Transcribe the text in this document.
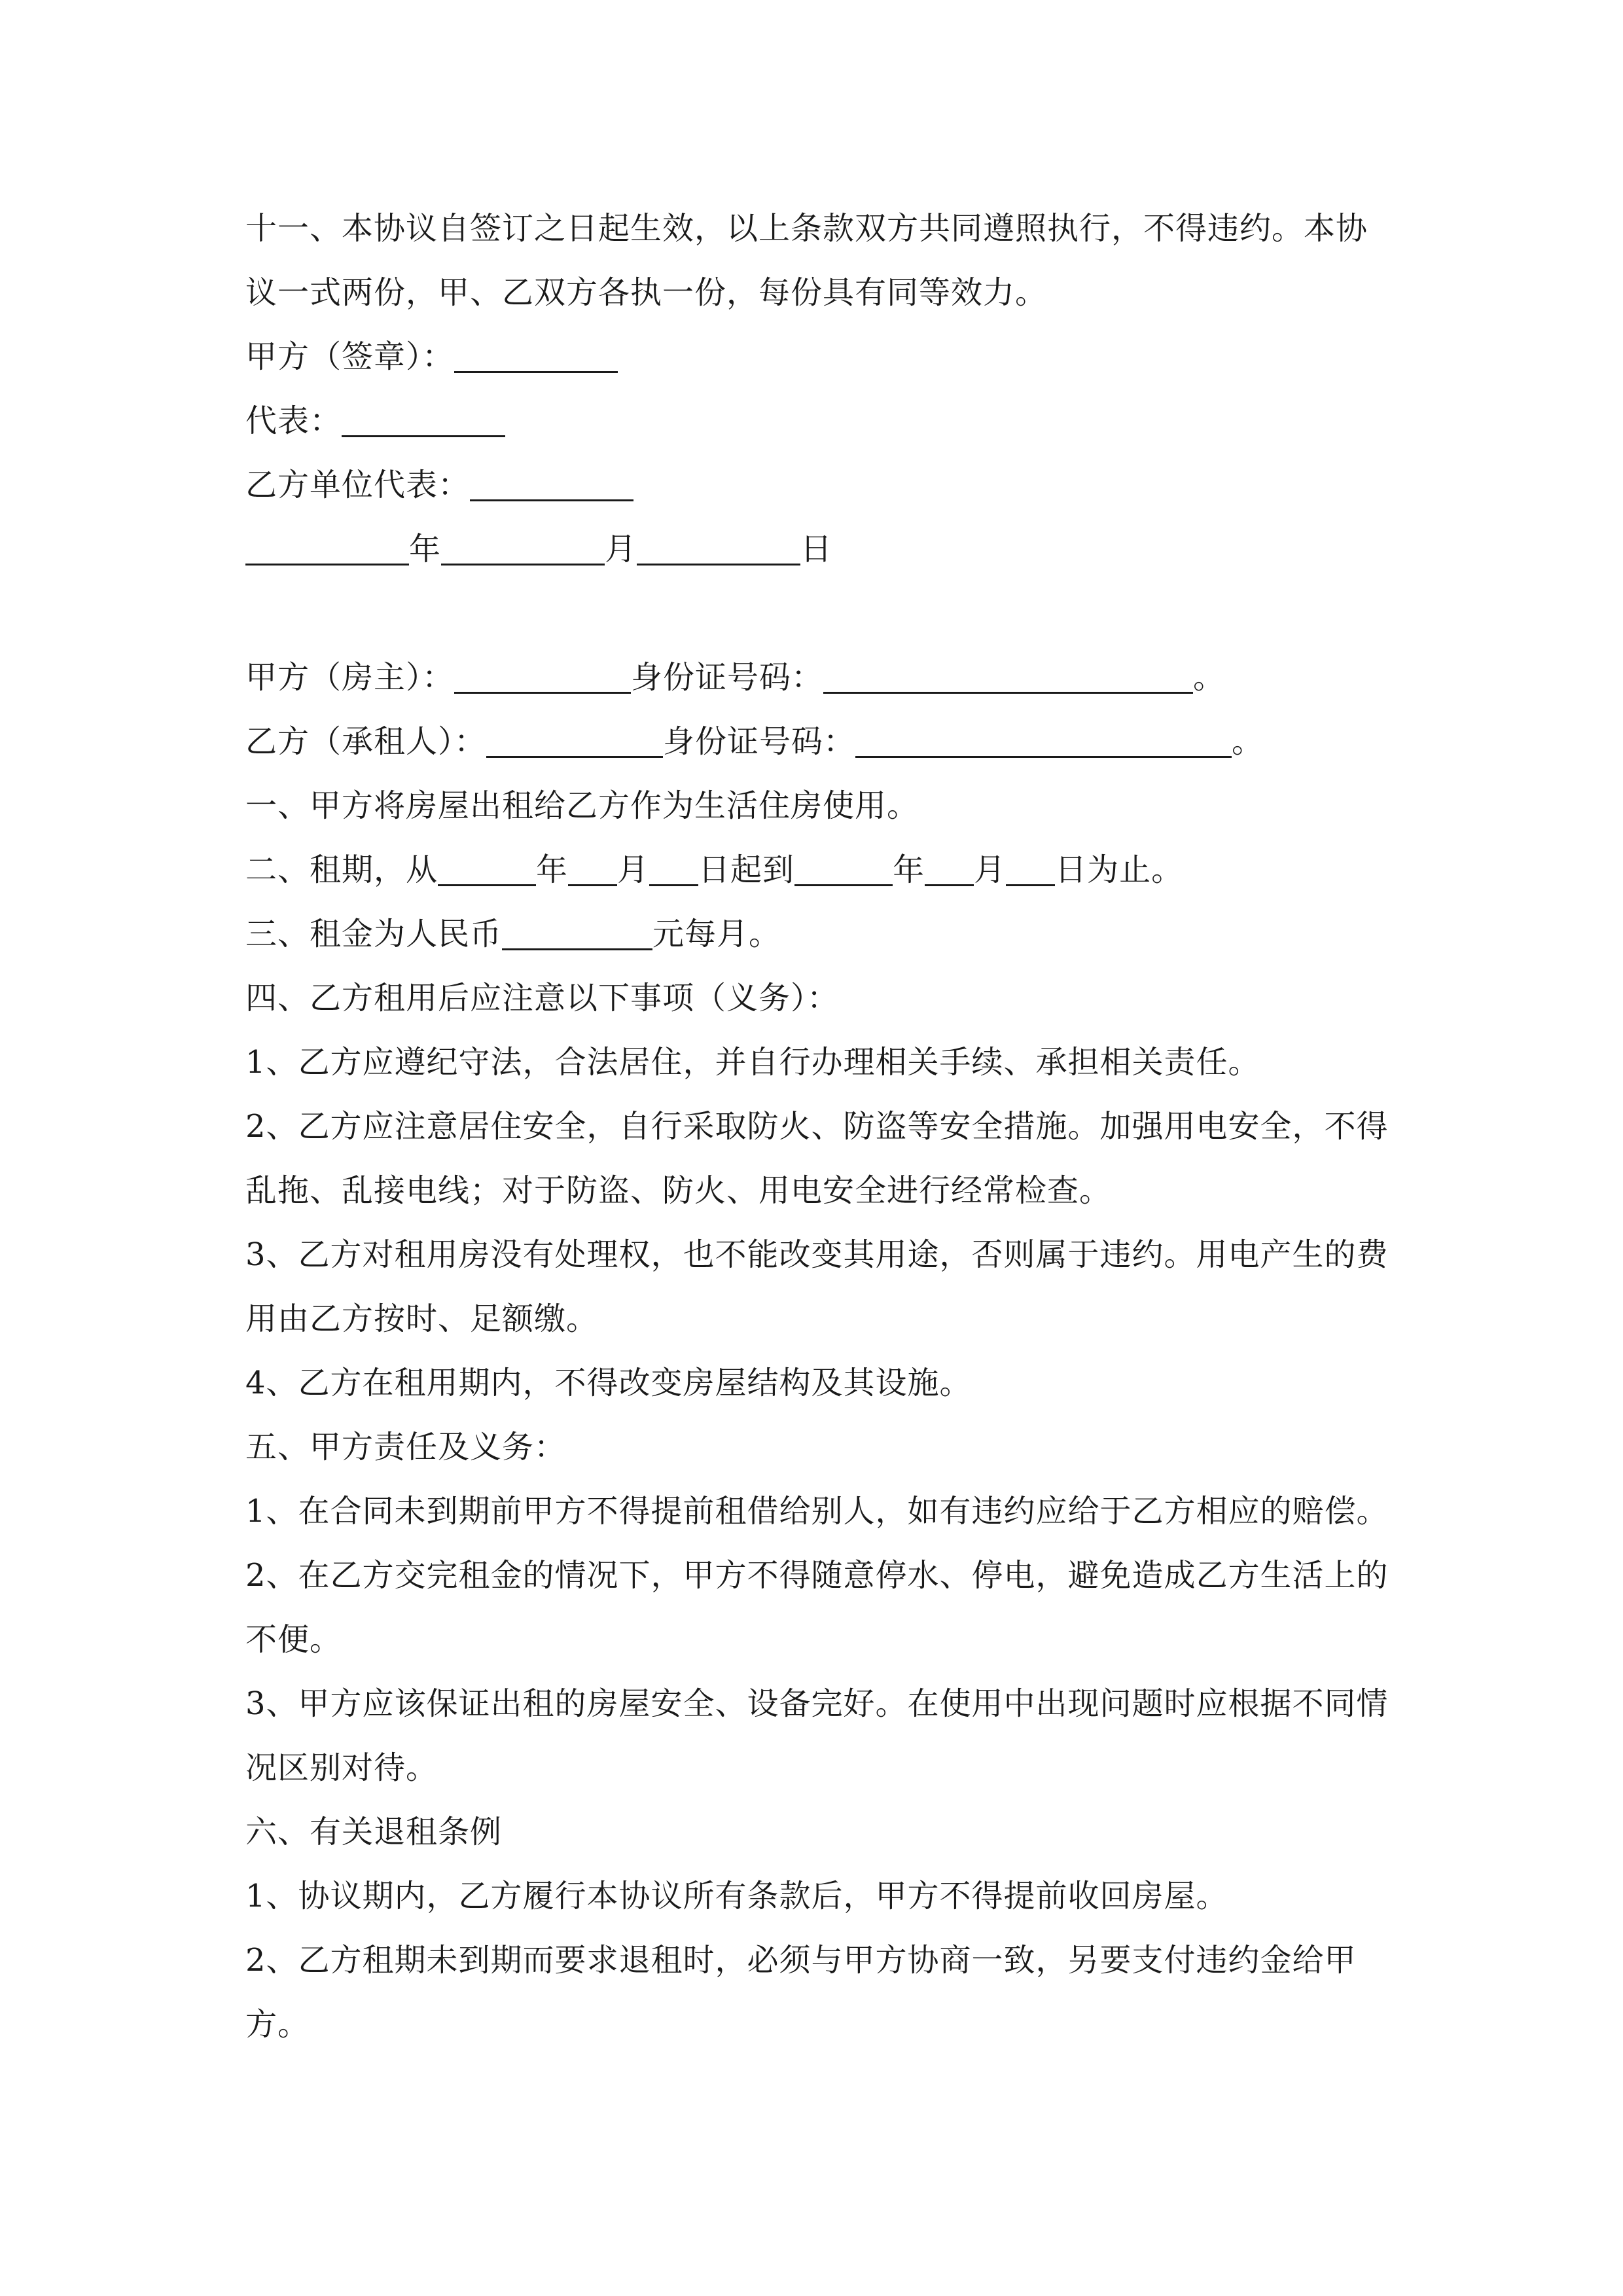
十一、本协议自签订之日起生效，以上条款双方共同遵照执行，不得违约。本协议一式两份，甲、乙双方各执一份，每份具有同等效力。

甲方（签章）：

代表：

乙方单位代表：

年	月	日

甲方（房主）：	身份证号码：	。

乙方（承租人）：	身份证号码：	。

一、甲方将房屋出租给乙方作为生活住房使用。

二、租期，从	年 月 日起到	年 月 日为止。

三、租金为人民币	元每月。

四、乙方租用后应注意以下事项（义务）：

1、乙方应遵纪守法，合法居住，并自行办理相关手续、承担相关责任。

2、乙方应注意居住安全，自行采取防火、防盗等安全措施。加强用电安全，不得乱拖、乱接电线；对于防盗、防火、用电安全进行经常检查。

3、乙方对租用房没有处理权，也不能改变其用途，否则属于违约。用电产生的费用由乙方按时、足额缴。

4、乙方在租用期内，不得改变房屋结构及其设施。

五、甲方责任及义务：

1、在合同未到期前甲方不得提前租借给别人，如有违约应给于乙方相应的赔偿。

2、在乙方交完租金的情况下，甲方不得随意停水、停电，避免造成乙方生活上的不便。

3、甲方应该保证出租的房屋安全、设备完好。在使用中出现问题时应根据不同情况区别对待。

六、有关退租条例

1、协议期内，乙方履行本协议所有条款后，甲方不得提前收回房屋。

2、乙方租期未到期而要求退租时，必须与甲方协商一致，另要支付违约金给甲方。
